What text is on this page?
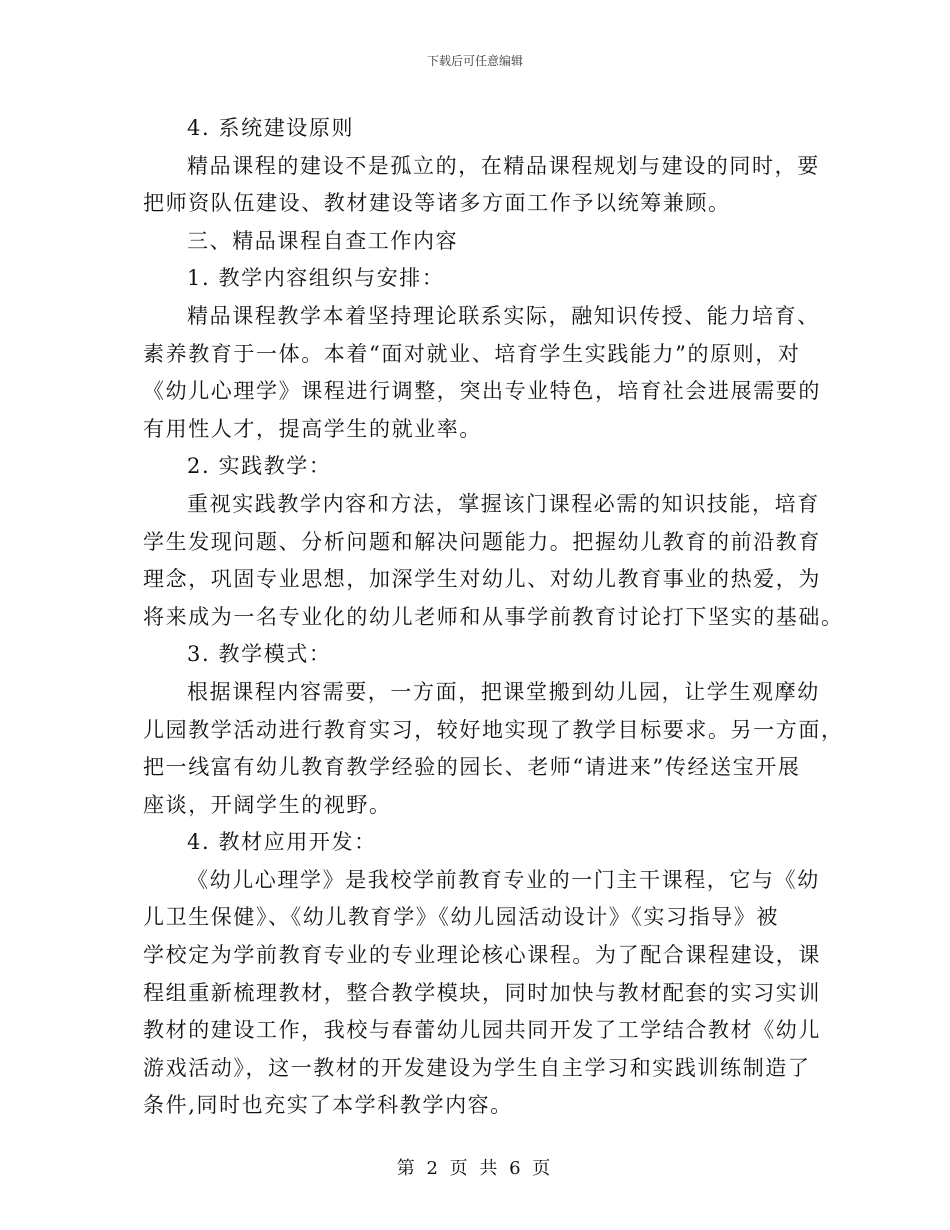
下载后可任意编辑
4. 系统建设原则
精品课程的建设不是孤立的，在精品课程规划与建设的同时，要
把师资队伍建设、教材建设等诸多方面工作予以统筹兼顾。
三、精品课程自查工作内容
1. 教学内容组织与安排：
精品课程教学本着坚持理论联系实际，融知识传授、能力培育、
素养教育于一体。本着“面对就业、培育学生实践能力”的原则，对
《幼儿心理学》课程进行调整，突出专业特色，培育社会进展需要的
有用性人才，提高学生的就业率。
2. 实践教学：
重视实践教学内容和方法，掌握该门课程必需的知识技能，培育
学生发现问题、分析问题和解决问题能力。把握幼儿教育的前沿教育
理念，巩固专业思想，加深学生对幼儿、对幼儿教育事业的热爱，为
将来成为一名专业化的幼儿老师和从事学前教育讨论打下坚实的基础。
3. 教学模式：
根据课程内容需要，一方面，把课堂搬到幼儿园，让学生观摩幼
儿园教学活动进行教育实习，较好地实现了教学目标要求。另一方面，
把一线富有幼儿教育教学经验的园长、老师“请进来”传经送宝开展
座谈，开阔学生的视野。
4. 教材应用开发：
《幼儿心理学》是我校学前教育专业的一门主干课程，它与《幼
儿卫生保健》、《幼儿教育学》《幼儿园活动设计》《实习指导》被
学校定为学前教育专业的专业理论核心课程。为了配合课程建设，课
程组重新梳理教材，整合教学模块，同时加快与教材配套的实习实训
教材的建设工作，我校与春蕾幼儿园共同开发了工学结合教材《幼儿
游戏活动》，这一教材的开发建设为学生自主学习和实践训练制造了
条件,同时也充实了本学科教学内容。
第 2 页 共 6 页
